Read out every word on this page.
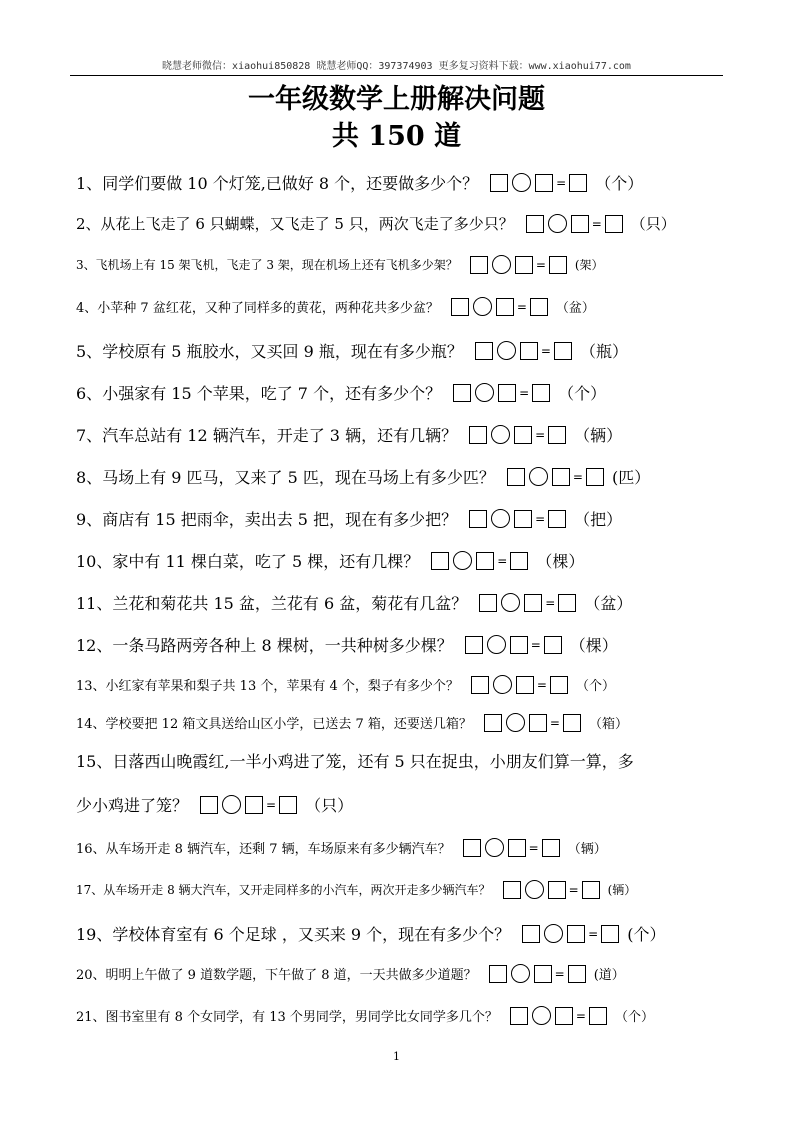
晓慧老师微信：xiaohui850828 晓慧老师QQ：397374903 更多复习资料下载：www.xiaohui77.com
一年级数学上册解决问题
共 150 道
1、 同学们要做 10 个灯笼,已做好 8 个，还要做多少个？	= （个）
2、 从花上飞走了 6 只蝴蝶，又飞走了 5 只，两次飞走了多少只？	= （只）
3、 飞机场上有 15 架飞机，飞走了 3 架，现在机场上还有飞机多少架？	= (架）
4、 小苹种 7 盆红花，又种了同样多的黄花，两种花共多少盆？	= （盆）
5、 学校原有 5 瓶胶水，又买回 9 瓶，现在有多少瓶？	= （瓶）
6、 小强家有 15 个苹果，吃了 7 个，还有多少个？	= （个）
7、 汽车总站有 12 辆汽车，开走了 3 辆，还有几辆？	= （辆）
8、 马场上有 9 匹马，又来了 5 匹，现在马场上有多少匹？	= (匹）
9、 商店有 15 把雨伞，卖出去 5 把，现在有多少把？	= （把）
10、 家中有 11 棵白菜，吃了 5 棵，还有几棵？	= （棵）
11、 兰花和菊花共 15 盆，兰花有 6 盆，菊花有几盆？	= （盆）
12、 一条马路两旁各种上 8 棵树，一共种树多少棵？	= （棵）
13、 小红家有苹果和梨子共 13 个，苹果有 4 个，梨子有多少个？	= （个）
14、 学校要把 12 箱文具送给山区小学，已送去 7 箱，还要送几箱？	= （箱）
16、 从车场开走 8 辆汽车，还剩 7 辆，车场原来有多少辆汽车？	= （辆）
17、 从车场开走 8 辆大汽车，又开走同样多的小汽车，两次开走多少辆汽车？	= (辆）
19、 学校体育室有 6 个足球 ，又买来 9 个，现在有多少个？	= (个）
20、 明明上午做了 9 道数学题，下午做了 8 道，一天共做多少道题？	= (道）
21、 图书室里有 8 个女同学，有 13 个男同学，男同学比女同学多几个？	= （个）
15、日落西山晚霞红,一半小鸡进了笼，还有 5 只在捉虫，小朋友们算一算，多
少小鸡进了笼？	= （只）
1
